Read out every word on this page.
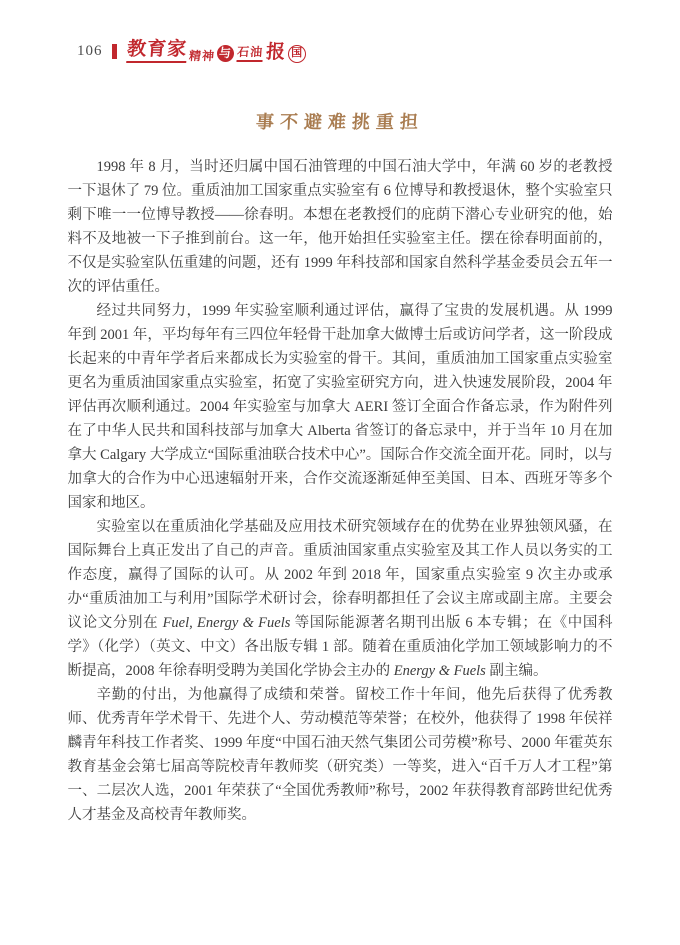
106 教育家 精神 与 石油 报 国
事不避难挑重担

1998 年 8 月，当时还归属中国石油管理的中国石油大学中，年满 60 岁的老教授一下退休了 79 位。重质油加工国家重点实验室有 6 位博导和教授退休，整个实验室只剩下唯一一位博导教授——徐春明。本想在老教授们的庇荫下潜心专业研究的他，始料不及地被一下子推到前台。这一年，他开始担任实验室主任。摆在徐春明面前的，不仅是实验室队伍重建的问题，还有 1999 年科技部和国家自然科学基金委员会五年一次的评估重任。

经过共同努力，1999 年实验室顺利通过评估，赢得了宝贵的发展机遇。从 1999 年到 2001 年，平均每年有三四位年轻骨干赴加拿大做博士后或访问学者，这一阶段成长起来的中青年学者后来都成长为实验室的骨干。其间，重质油加工国家重点实验室更名为重质油国家重点实验室，拓宽了实验室研究方向，进入快速发展阶段，2004 年评估再次顺利通过。2004 年实验室与加拿大 AERI 签订全面合作备忘录，作为附件列在了中华人民共和国科技部与加拿大 Alberta 省签订的备忘录中，并于当年 10 月在加拿大 Calgary 大学成立“国际重油联合技术中心”。国际合作交流全面开花。同时，以与加拿大的合作为中心迅速辐射开来，合作交流逐渐延伸至美国、日本、西班牙等多个国家和地区。

实验室以在重质油化学基础及应用技术研究领域存在的优势在业界独领风骚，在国际舞台上真正发出了自己的声音。重质油国家重点实验室及其工作人员以务实的工作态度，赢得了国际的认可。从 2002 年到 2018 年，国家重点实验室 9 次主办或承办“重质油加工与利用”国际学术研讨会，徐春明都担任了会议主席或副主席。主要会议论文分别在 Fuel, Energy & Fuels 等国际能源著名期刊出版 6 本专辑；在《中国科学》（化学）（英文、中文）各出版专辑 1 部。随着在重质油化学加工领域影响力的不断提高，2008 年徐春明受聘为美国化学协会主办的 Energy & Fuels 副主编。

辛勤的付出，为他赢得了成绩和荣誉。留校工作十年间，他先后获得了优秀教师、优秀青年学术骨干、先进个人、劳动模范等荣誉；在校外，他获得了 1998 年侯祥麟青年科技工作者奖、1999 年度“中国石油天然气集团公司劳模”称号、2000 年霍英东教育基金会第七届高等院校青年教师奖（研究类）一等奖，进入“百千万人才工程”第一、二层次人选，2001 年荣获了“全国优秀教师”称号，2002 年获得教育部跨世纪优秀人才基金及高校青年教师奖。
